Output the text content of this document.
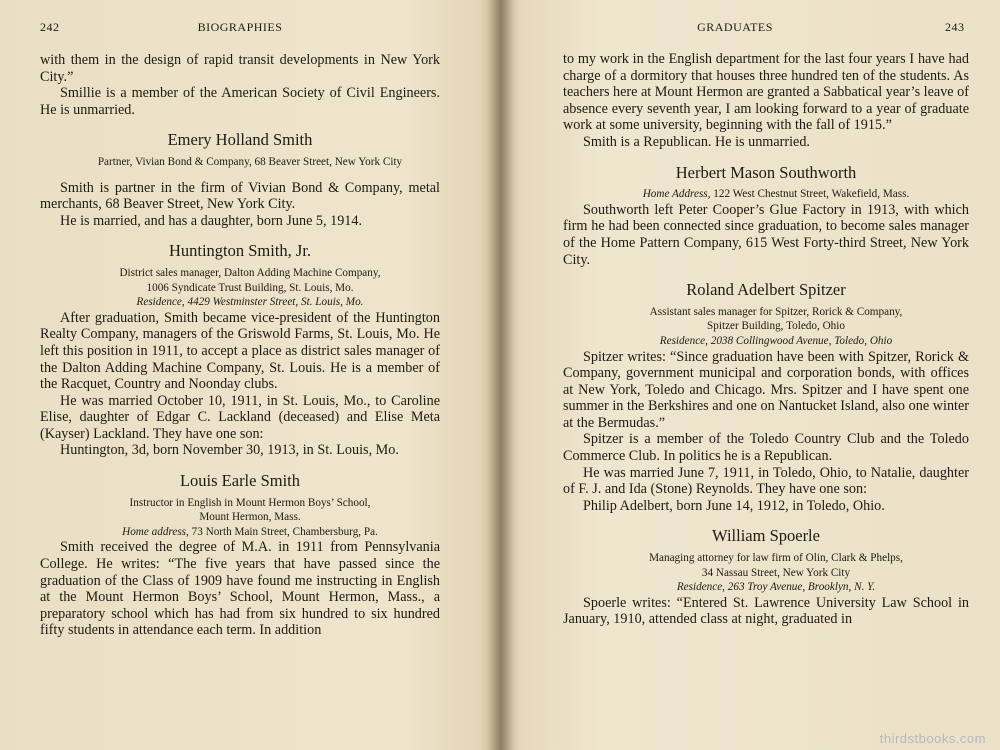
242	BIOGRAPHIES

with them in the design of rapid transit developments in New York City.”

Smillie is a member of the American Society of Civil Engineers. He is unmarried.

Emery Holland Smith

Partner, Vivian Bond & Company, 68 Beaver Street, New York City

Smith is partner in the firm of Vivian Bond & Company, metal merchants, 68 Beaver Street, New York City.

He is married, and has a daughter, born June 5, 1914.

Huntington Smith, Jr.

District sales manager, Dalton Adding Machine Company,

1006 Syndicate Trust Building, St. Louis, Mo.

Residence, 4429 Westminster Street, St. Louis, Mo.

After graduation, Smith became vice-president of the Huntington Realty Company, managers of the Griswold Farms, St. Louis, Mo. He left this position in 1911, to accept a place as district sales manager of the Dalton Adding Machine Company, St. Louis. He is a member of the Racquet, Country and Noonday clubs.

He was married October 10, 1911, in St. Louis, Mo., to Caroline Elise, daughter of Edgar C. Lackland (deceased) and Elise Meta (Kayser) Lackland. They have one son:

Huntington, 3d, born November 30, 1913, in St. Louis, Mo.

Louis Earle Smith

Instructor in English in Mount Hermon Boys’ School,

Mount Hermon, Mass.

Home address, 73 North Main Street, Chambersburg, Pa.

Smith received the degree of M.A. in 1911 from Pennsylvania College. He writes: “The five years that have passed since the graduation of the Class of 1909 have found me instructing in English at the Mount Hermon Boys’ School, Mount Hermon, Mass., a preparatory school which has had from six hundred to six hundred fifty students in attendance each term. In addition

GRADUATES	243

to my work in the English department for the last four years I have had charge of a dormitory that houses three hundred ten of the students. As teachers here at Mount Hermon are granted a Sabbatical year’s leave of absence every seventh year, I am looking forward to a year of graduate work at some university, beginning with the fall of 1915.”

Smith is a Republican. He is unmarried.

Herbert Mason Southworth

Home Address, 122 West Chestnut Street, Wakefield, Mass.

Southworth left Peter Cooper’s Glue Factory in 1913, with which firm he had been connected since graduation, to become sales manager of the Home Pattern Company, 615 West Forty-third Street, New York City.

Roland Adelbert Spitzer

Assistant sales manager for Spitzer, Rorick & Company,

Spitzer Building, Toledo, Ohio

Residence, 2038 Collingwood Avenue, Toledo, Ohio

Spitzer writes: “Since graduation have been with Spitzer, Rorick & Company, government municipal and corporation bonds, with offices at New York, Toledo and Chicago. Mrs. Spitzer and I have spent one summer in the Berkshires and one on Nantucket Island, also one winter at the Bermudas.”

Spitzer is a member of the Toledo Country Club and the Toledo Commerce Club. In politics he is a Republican.

He was married June 7, 1911, in Toledo, Ohio, to Natalie, daughter of F. J. and Ida (Stone) Reynolds. They have one son:

Philip Adelbert, born June 14, 1912, in Toledo, Ohio.

William Spoerle

Managing attorney for law firm of Olin, Clark & Phelps,

34 Nassau Street, New York City

Residence, 263 Troy Avenue, Brooklyn, N. Y.

Spoerle writes: “Entered St. Lawrence University Law School in January, 1910, attended class at night, graduated in

thirdstbooks.com
